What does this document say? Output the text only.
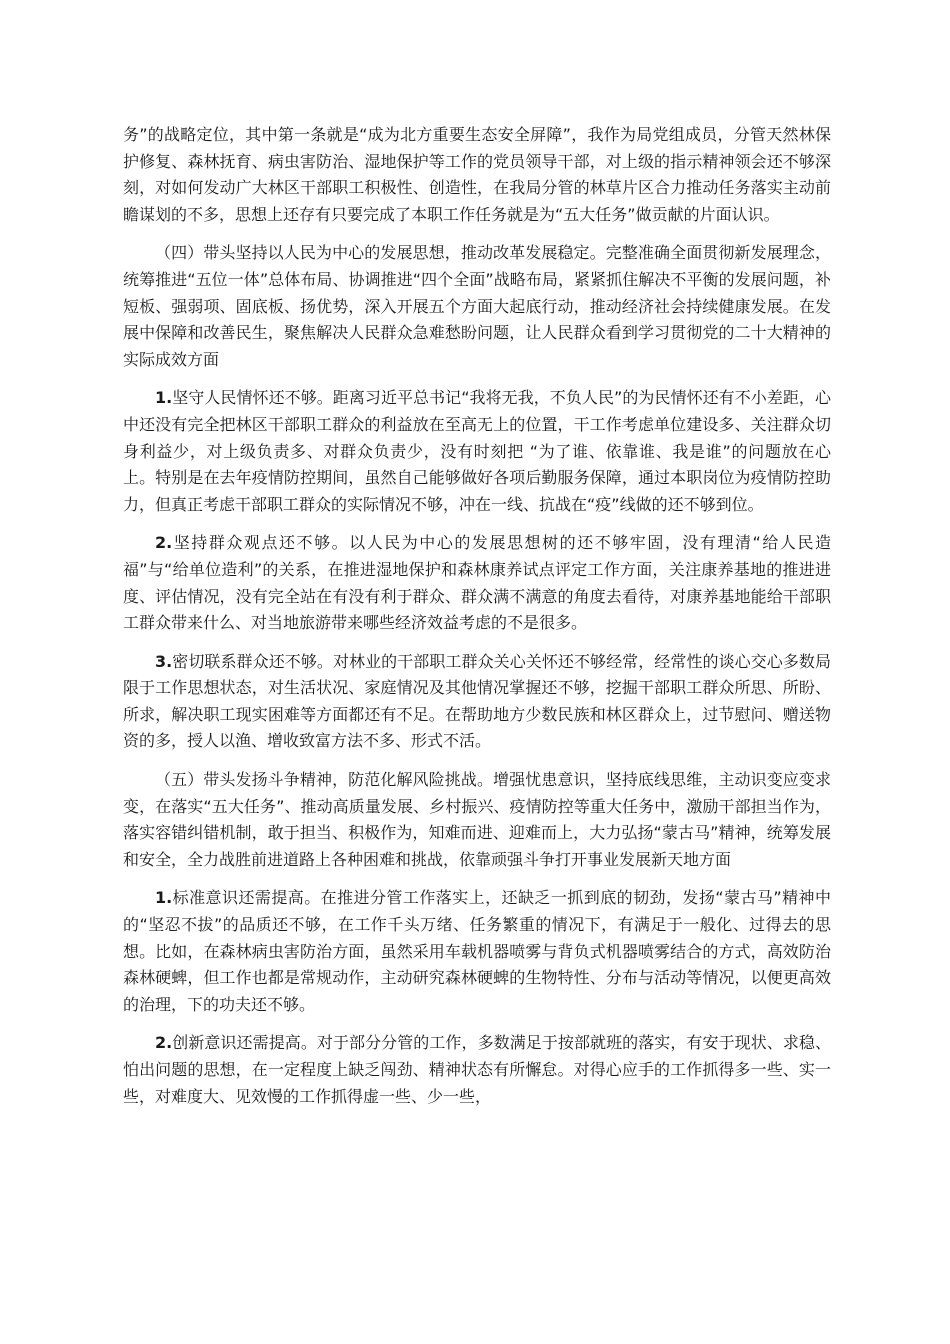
务”的战略定位，其中第一条就是“成为北方重要生态安全屏障”，我作为局党组成员，分管天然林保护修复、森林抚育、病虫害防治、湿地保护等工作的党员领导干部，对上级的指示精神领会还不够深刻，对如何发动广大林区干部职工积极性、创造性，在我局分管的林草片区合力推动任务落实主动前瞻谋划的不多，思想上还存有只要完成了本职工作任务就是为“五大任务”做贡献的片面认识。

（四）带头坚持以人民为中心的发展思想，推动改革发展稳定。完整准确全面贯彻新发展理念，统筹推进“五位一体”总体布局、协调推进“四个全面”战略布局，紧紧抓住解决不平衡的发展问题，补短板、强弱项、固底板、扬优势，深入开展五个方面大起底行动，推动经济社会持续健康发展。在发展中保障和改善民生，聚焦解决人民群众急难愁盼问题，让人民群众看到学习贯彻党的二十大精神的实际成效方面

1.坚守人民情怀还不够。距离习近平总书记“我将无我，不负人民”的为民情怀还有不小差距，心中还没有完全把林区干部职工群众的利益放在至高无上的位置，干工作考虑单位建设多、关注群众切身利益少，对上级负责多、对群众负责少，没有时刻把 “为了谁、依靠谁、我是谁”的问题放在心上。特别是在去年疫情防控期间，虽然自己能够做好各项后勤服务保障，通过本职岗位为疫情防控助力，但真正考虑干部职工群众的实际情况不够，冲在一线、抗战在“疫”线做的还不够到位。

2.坚持群众观点还不够。以人民为中心的发展思想树的还不够牢固，没有理清“给人民造福”与“给单位造利”的关系，在推进湿地保护和森林康养试点评定工作方面，关注康养基地的推进进度、评估情况，没有完全站在有没有利于群众、群众满不满意的角度去看待，对康养基地能给干部职工群众带来什么、对当地旅游带来哪些经济效益考虑的不是很多。

3.密切联系群众还不够。对林业的干部职工群众关心关怀还不够经常，经常性的谈心交心多数局限于工作思想状态，对生活状况、家庭情况及其他情况掌握还不够，挖掘干部职工群众所思、所盼、所求，解决职工现实困难等方面都还有不足。在帮助地方少数民族和林区群众上，过节慰问、赠送物资的多，授人以渔、增收致富方法不多、形式不活。

（五）带头发扬斗争精神，防范化解风险挑战。增强忧患意识，坚持底线思维，主动识变应变求变，在落实“五大任务”、推动高质量发展、乡村振兴、疫情防控等重大任务中，激励干部担当作为，落实容错纠错机制，敢于担当、积极作为，知难而进、迎难而上，大力弘扬“蒙古马”精神，统筹发展和安全，全力战胜前进道路上各种困难和挑战，依靠顽强斗争打开事业发展新天地方面

1.标准意识还需提高。在推进分管工作落实上，还缺乏一抓到底的韧劲，发扬“蒙古马”精神中的“坚忍不拔”的品质还不够，在工作千头万绪、任务繁重的情况下，有满足于一般化、过得去的思想。比如，在森林病虫害防治方面，虽然采用车载机器喷雾与背负式机器喷雾结合的方式，高效防治森林硬蜱，但工作也都是常规动作，主动研究森林硬蜱的生物特性、分布与活动等情况，以便更高效的治理，下的功夫还不够。

2.创新意识还需提高。对于部分分管的工作，多数满足于按部就班的落实，有安于现状、求稳、怕出问题的思想，在一定程度上缺乏闯劲、精神状态有所懈怠。对得心应手的工作抓得多一些、实一些，对难度大、见效慢的工作抓得虚一些、少一些，
